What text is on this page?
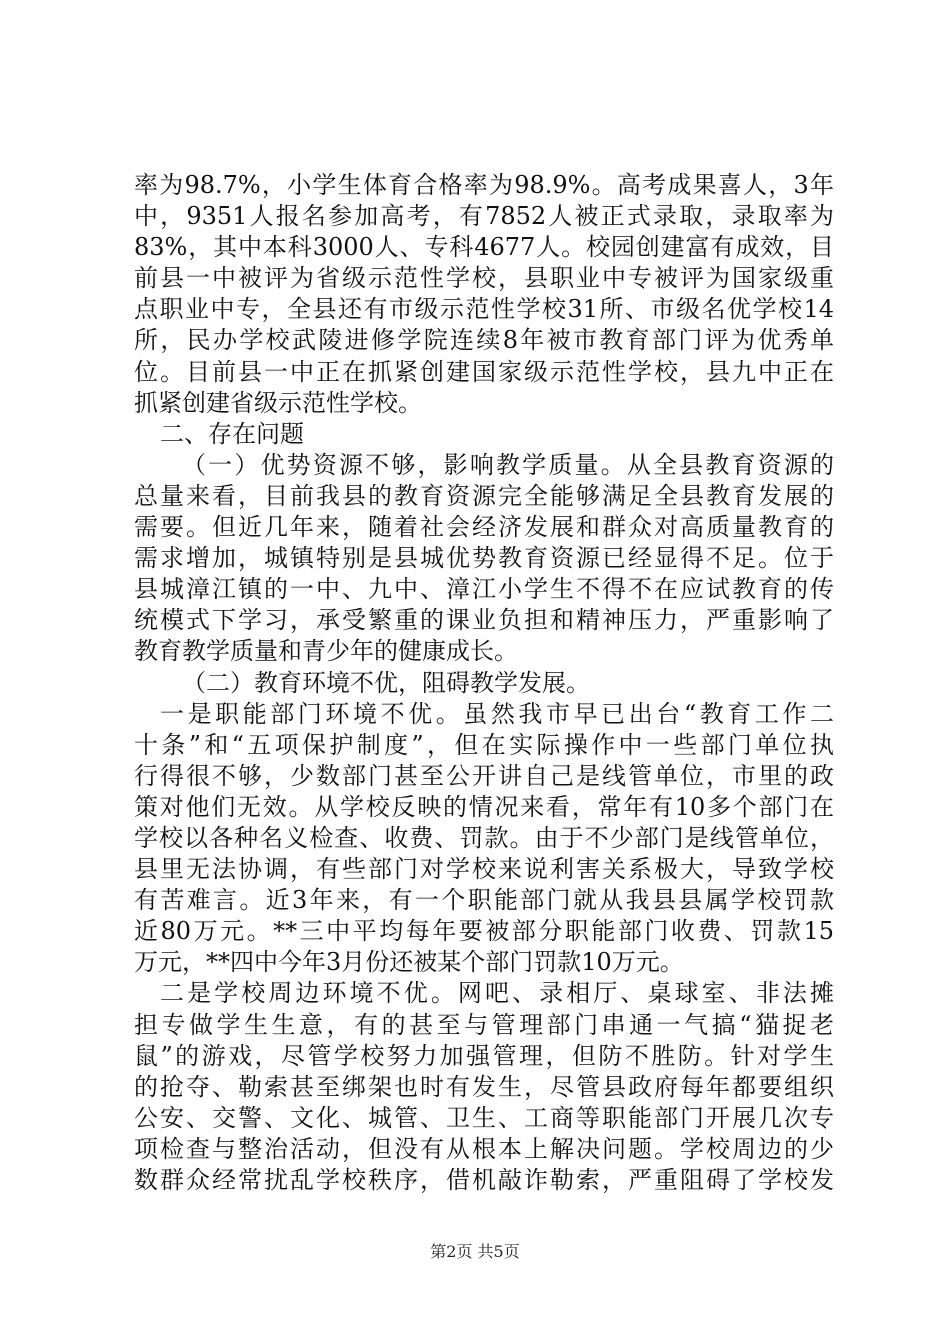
率为98.7%，小学生体育合格率为98.9%。高考成果喜人，3年
中，9351人报名参加高考，有7852人被正式录取，录取率为
83%，其中本科3000人、专科4677人。校园创建富有成效，目
前县一中被评为省级示范性学校，县职业中专被评为国家级重
点职业中专，全县还有市级示范性学校31所、市级名优学校14
所，民办学校武陵进修学院连续8年被市教育部门评为优秀单
位。目前县一中正在抓紧创建国家级示范性学校，县九中正在
抓紧创建省级示范性学校。
二、存在问题
（一）优势资源不够，影响教学质量。从全县教育资源的
总量来看，目前我县的教育资源完全能够满足全县教育发展的
需要。但近几年来，随着社会经济发展和群众对高质量教育的
需求增加，城镇特别是县城优势教育资源已经显得不足。位于
县城漳江镇的一中、九中、漳江小学生不得不在应试教育的传
统模式下学习，承受繁重的课业负担和精神压力，严重影响了
教育教学质量和青少年的健康成长。
（二）教育环境不优，阻碍教学发展。
一是职能部门环境不优。虽然我市早已出台“教育工作二
十条”和“五项保护制度”，但在实际操作中一些部门单位执
行得很不够，少数部门甚至公开讲自己是线管单位，市里的政
策对他们无效。从学校反映的情况来看，常年有10多个部门在
学校以各种名义检查、收费、罚款。由于不少部门是线管单位，
县里无法协调，有些部门对学校来说利害关系极大，导致学校
有苦难言。近3年来，有一个职能部门就从我县县属学校罚款
近80万元。**三中平均每年要被部分职能部门收费、罚款15
万元，**四中今年3月份还被某个部门罚款10万元。
二是学校周边环境不优。网吧、录相厅、桌球室、非法摊
担专做学生生意，有的甚至与管理部门串通一气搞“猫捉老
鼠”的游戏，尽管学校努力加强管理，但防不胜防。针对学生
的抢夺、勒索甚至绑架也时有发生，尽管县政府每年都要组织
公安、交警、文化、城管、卫生、工商等职能部门开展几次专
项检查与整治活动，但没有从根本上解决问题。学校周边的少
数群众经常扰乱学校秩序，借机敲诈勒索，严重阻碍了学校发
第2页 共5页
